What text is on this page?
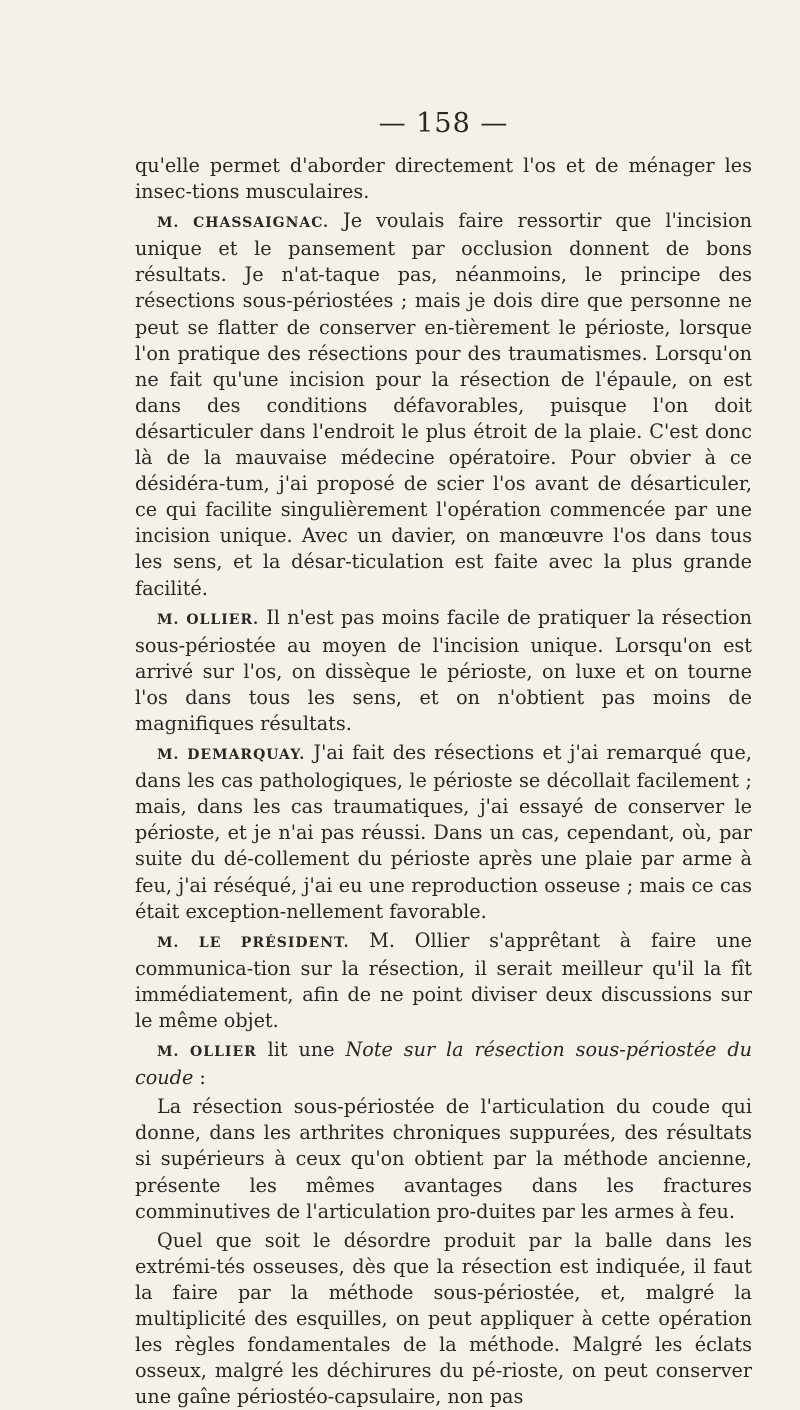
— 158 —

qu'elle permet d'aborder directement l'os et de ménager les insec-tions musculaires.

M. CHASSAIGNAC. Je voulais faire ressortir que l'incision unique et le pansement par occlusion donnent de bons résultats. Je n'at-taque pas, néanmoins, le principe des résections sous-périostées ; mais je dois dire que personne ne peut se flatter de conserver en-tièrement le périoste, lorsque l'on pratique des résections pour des traumatismes. Lorsqu'on ne fait qu'une incision pour la résection de l'épaule, on est dans des conditions défavorables, puisque l'on doit désarticuler dans l'endroit le plus étroit de la plaie. C'est donc là de la mauvaise médecine opératoire. Pour obvier à ce désidéra-tum, j'ai proposé de scier l'os avant de désarticuler, ce qui facilite singulièrement l'opération commencée par une incision unique. Avec un davier, on manœuvre l'os dans tous les sens, et la désar-ticulation est faite avec la plus grande facilité.

M. OLLIER. Il n'est pas moins facile de pratiquer la résection sous-périostée au moyen de l'incision unique. Lorsqu'on est arrivé sur l'os, on dissèque le périoste, on luxe et on tourne l'os dans tous les sens, et on n'obtient pas moins de magnifiques résultats.

M. DEMARQUAY. J'ai fait des résections et j'ai remarqué que, dans les cas pathologiques, le périoste se décollait facilement ; mais, dans les cas traumatiques, j'ai essayé de conserver le périoste, et je n'ai pas réussi. Dans un cas, cependant, où, par suite du dé-collement du périoste après une plaie par arme à feu, j'ai réséqué, j'ai eu une reproduction osseuse ; mais ce cas était exception-nellement favorable.

M. LE PRÉSIDENT. M. Ollier s'apprêtant à faire une communica-tion sur la résection, il serait meilleur qu'il la fît immédiatement, afin de ne point diviser deux discussions sur le même objet.

M. OLLIER lit une Note sur la résection sous-périostée du coude :

La résection sous-périostée de l'articulation du coude qui donne, dans les arthrites chroniques suppurées, des résultats si supérieurs à ceux qu'on obtient par la méthode ancienne, présente les mêmes avantages dans les fractures comminutives de l'articulation pro-duites par les armes à feu.

Quel que soit le désordre produit par la balle dans les extrémi-tés osseuses, dès que la résection est indiquée, il faut la faire par la méthode sous-périostée, et, malgré la multiplicité des esquilles, on peut appliquer à cette opération les règles fondamentales de la méthode. Malgré les éclats osseux, malgré les déchirures du pé-rioste, on peut conserver une gaîne périostéo-capsulaire, non pas
